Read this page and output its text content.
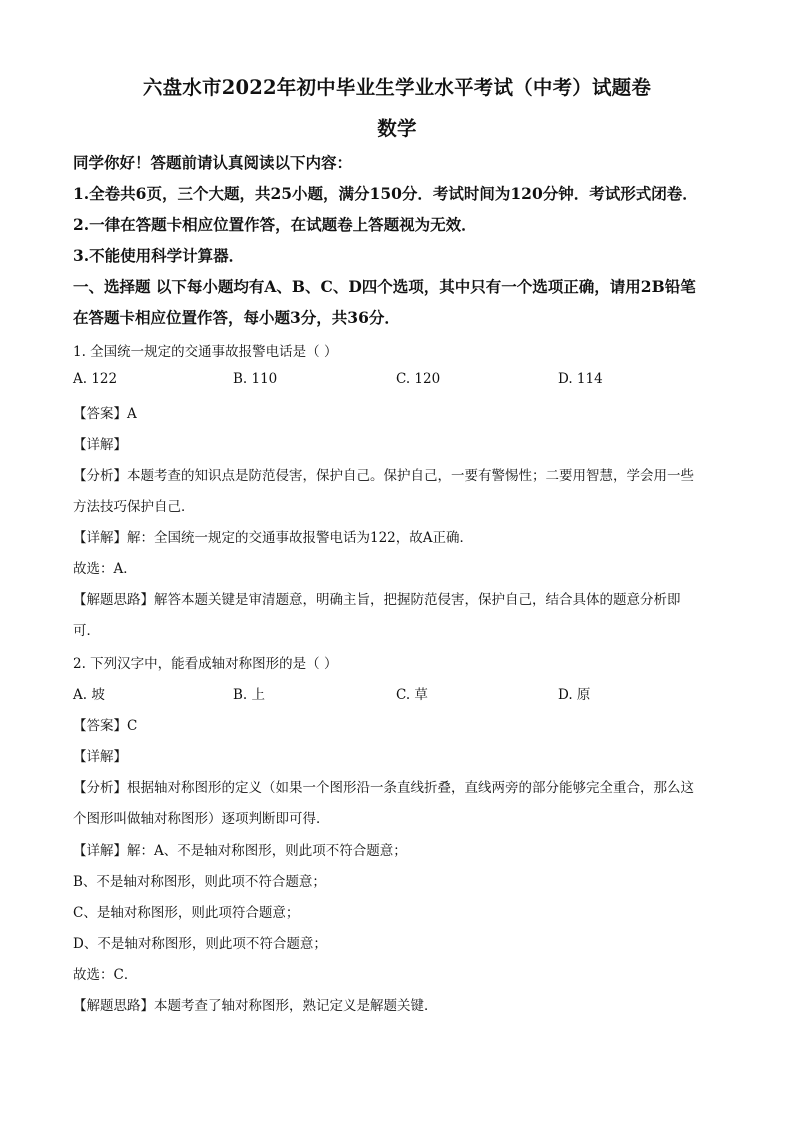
六盘水市2022年初中毕业生学业水平考试（中考）试题卷
数学
同学你好！答题前请认真阅读以下内容：
1.全卷共6页，三个大题，共25小题，满分150分．考试时间为120分钟．考试形式闭卷．
2.一律在答题卡相应位置作答，在试题卷上答题视为无效．
3.不能使用科学计算器．
一、选择题 以下每小题均有A、B、C、D四个选项，其中只有一个选项正确，请用2B铅笔
在答题卡相应位置作答，每小题3分，共36分．
1. 全国统一规定的交通事故报警电话是（ ）
A. 122	B. 110	C. 120	D. 114
【答案】A
【详解】
【分析】本题考查的知识点是防范侵害，保护自己。保护自己，一要有警惕性；二要用智慧，学会用一些
方法技巧保护自己．
【详解】解：全国统一规定的交通事故报警电话为122，故A正确．
故选：A．
【解题思路】解答本题关键是审清题意，明确主旨，把握防范侵害，保护自己，结合具体的题意分析即
可．
2. 下列汉字中，能看成轴对称图形的是（ ）
A. 坡	B. 上	C. 草	D. 原
【答案】C
【详解】
【分析】根据轴对称图形的定义（如果一个图形沿一条直线折叠，直线两旁的部分能够完全重合，那么这
个图形叫做轴对称图形）逐项判断即可得．
【详解】解：A、不是轴对称图形，则此项不符合题意；
B、不是轴对称图形，则此项不符合题意；
C、是轴对称图形，则此项符合题意；
D、不是轴对称图形，则此项不符合题意；
故选：C．
【解题思路】本题考查了轴对称图形，熟记定义是解题关键．
